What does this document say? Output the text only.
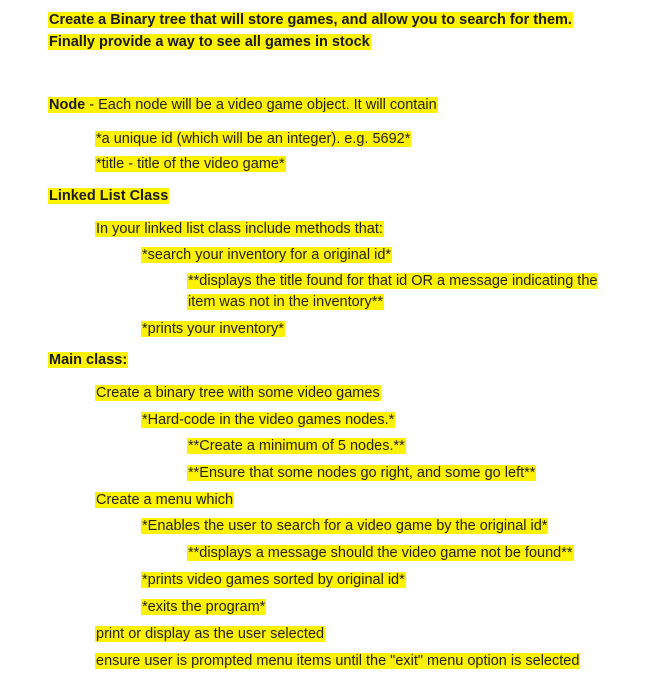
Create a Binary tree that will store games, and allow you to search for them.
Finally provide a way to see all games in stock
Node - Each node will be a video game object. It will contain
*a unique id (which will be an integer). e.g. 5692*
*title - title of the video game*
Linked List Class
In your linked list class include methods that:
*search your inventory for a original id*
**displays the title found for that id OR a message indicating the
item was not in the inventory**
*prints your inventory*
Main class:
Create a binary tree with some video games
*Hard-code in the video games nodes.*
**Create a minimum of 5 nodes.**
**Ensure that some nodes go right, and some go left**
Create a menu which
*Enables the user to search for a video game by the original id*
**displays a message should the video game not be found**
*prints video games sorted by original id*
*exits the program*
print or display as the user selected
ensure user is prompted menu items until the "exit" menu option is selected
